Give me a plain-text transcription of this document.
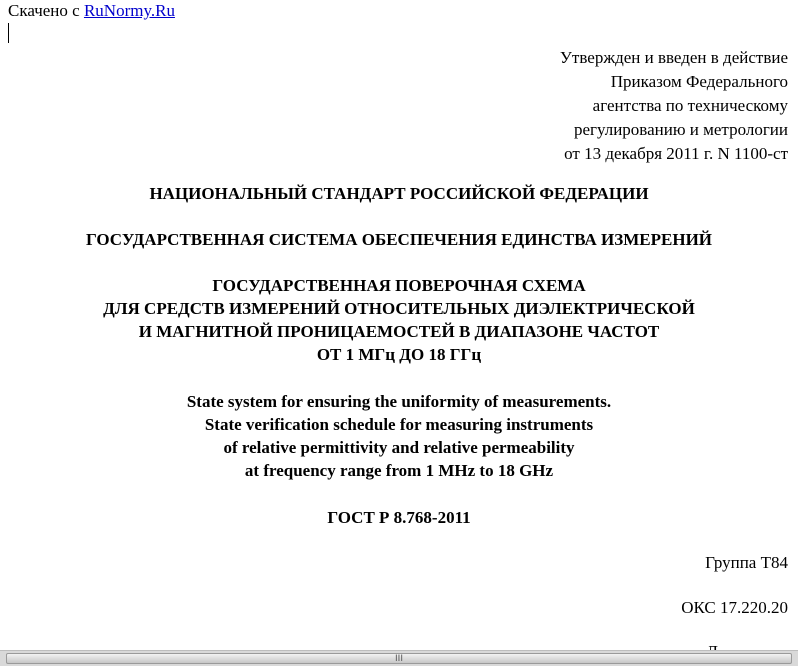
Скачено с RuNormy.Ru
Утвержден и введен в действие
Приказом Федерального
агентства по техническому
регулированию и метрологии
от 13 декабря 2011 г. N 1100-ст
НАЦИОНАЛЬНЫЙ СТАНДАРТ РОССИЙСКОЙ ФЕДЕРАЦИИ
ГОСУДАРСТВЕННАЯ СИСТЕМА ОБЕСПЕЧЕНИЯ ЕДИНСТВА ИЗМЕРЕНИЙ
ГОСУДАРСТВЕННАЯ ПОВЕРОЧНАЯ СХЕМА
ДЛЯ СРЕДСТВ ИЗМЕРЕНИЙ ОТНОСИТЕЛЬНЫХ ДИЭЛЕКТРИЧЕСКОЙ
И МАГНИТНОЙ ПРОНИЦАЕМОСТЕЙ В ДИАПАЗОНЕ ЧАСТОТ
ОТ 1 МГц ДО 18 ГГц
State system for ensuring the uniformity of measurements.
State verification schedule for measuring instruments
of relative permittivity and relative permeability
at frequency range from 1 MHz to 18 GHz
ГОСТ Р 8.768-2011
Группа Т84
ОКС 17.220.20
III
